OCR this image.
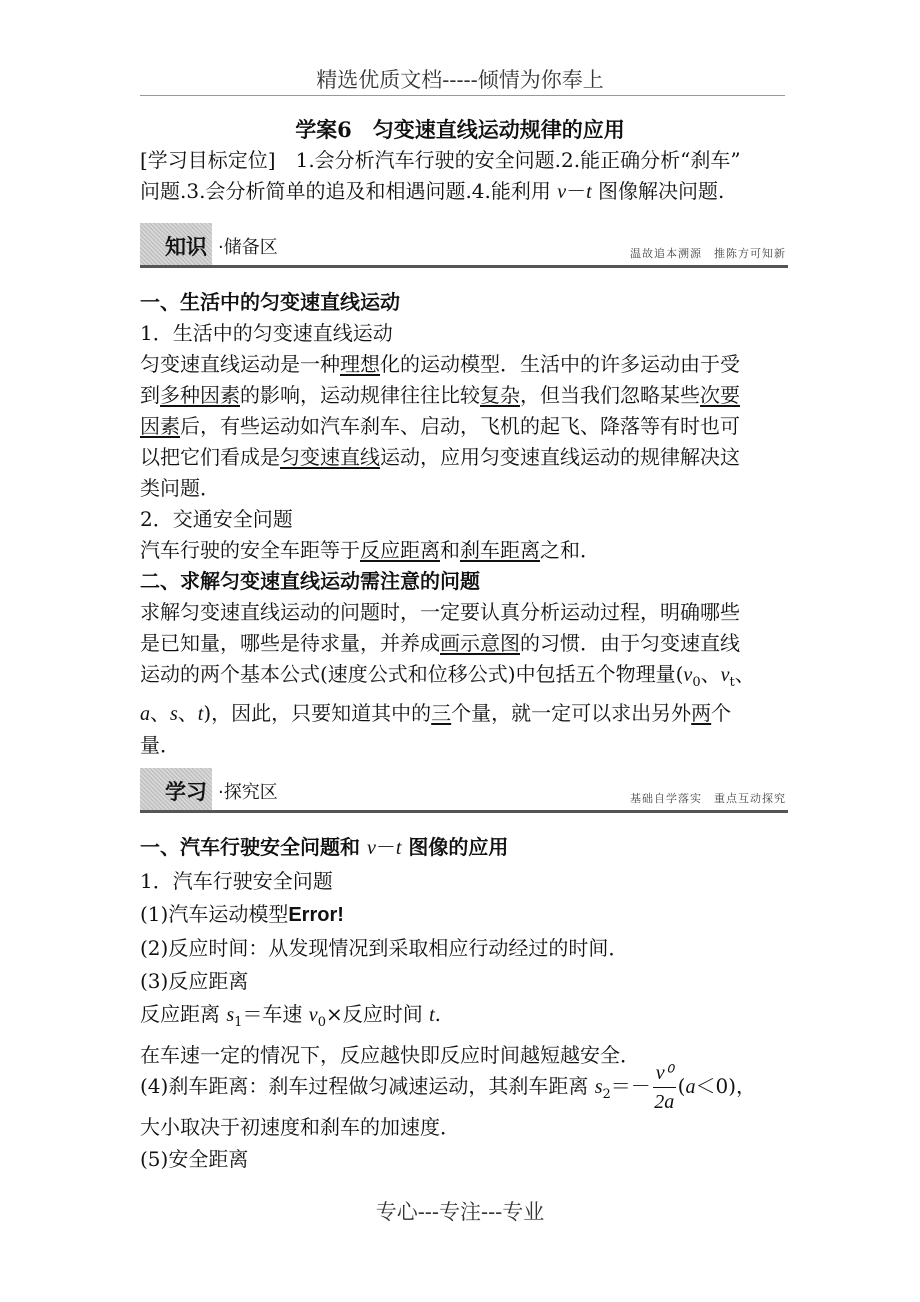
精选优质文档-----倾情为你奉上
学案6　匀变速直线运动规律的应用
[学习目标定位]　1.会分析汽车行驶的安全问题.2.能正确分析“刹车”
问题.3.会分析简单的追及和相遇问题.4.能利用 v－t 图像解决问题.
知识 ·储备区	温故追本溯源　推陈方可知新
一、生活中的匀变速直线运动
1．生活中的匀变速直线运动
匀变速直线运动是一种理想化的运动模型．生活中的许多运动由于受
到多种因素的影响，运动规律往往比较复杂，但当我们忽略某些次要
因素后，有些运动如汽车刹车、启动，飞机的起飞、降落等有时也可
以把它们看成是匀变速直线运动，应用匀变速直线运动的规律解决这
类问题．
2．交通安全问题
汽车行驶的安全车距等于反应距离和刹车距离之和．
二、求解匀变速直线运动需注意的问题
求解匀变速直线运动的问题时，一定要认真分析运动过程，明确哪些
是已知量，哪些是待求量，并养成画示意图的习惯．由于匀变速直线
运动的两个基本公式(速度公式和位移公式)中包括五个物理量($v_0$、$v_t$、
a、s、t)，因此，只要知道其中的三个量，就一定可以求出另外两个
量．
学习 ·探究区	基础自学落实　重点互动探究
一、汽车行驶安全问题和 v－t 图像的应用
1．汽车行驶安全问题
(1)汽车运动模型Error!
(2)反应时间：从发现情况到采取相应行动经过的时间．
(3)反应距离
反应距离 $s_1=$车速 $v_0\times$反应时间 t.
在车速一定的情况下，反应越快即反应时间越短越安全．
(4)刹车距离：刹车过程做匀减速运动，其刹车距离 $s_2=- \frac{\text{v⁰}}{2a} (a<0)$，
大小取决于初速度和刹车的加速度．
(5)安全距离
专心---专注---专业
